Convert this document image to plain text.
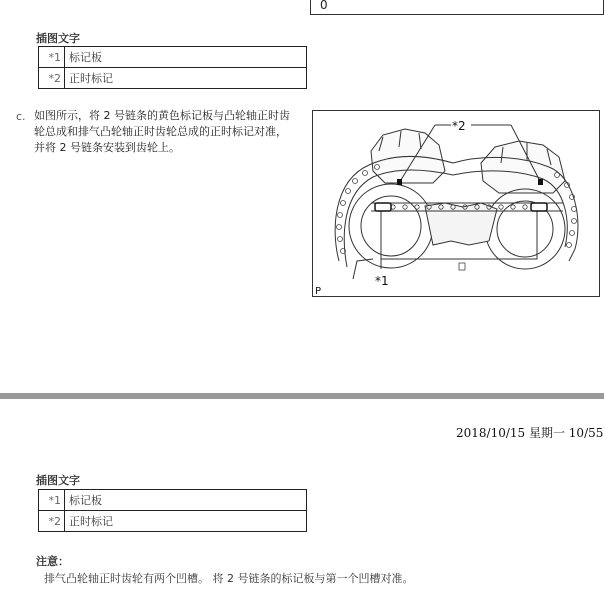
0
插图文字
*1	标记板
*2	正时标记
c. 如图所示，将 2 号链条的黄色标记板与凸轮轴正时齿轮总成和排气凸轮轴正时齿轮总成的正时标记对准，并将 2 号链条安装到齿轮上。
*2
*1
P
2018/10/15 星期一 10/55
插图文字
*1	标记板
*2	正时标记
注意：
排气凸轮轴正时齿轮有两个凹槽。 将 2 号链条的标记板与第一个凹槽对准。
